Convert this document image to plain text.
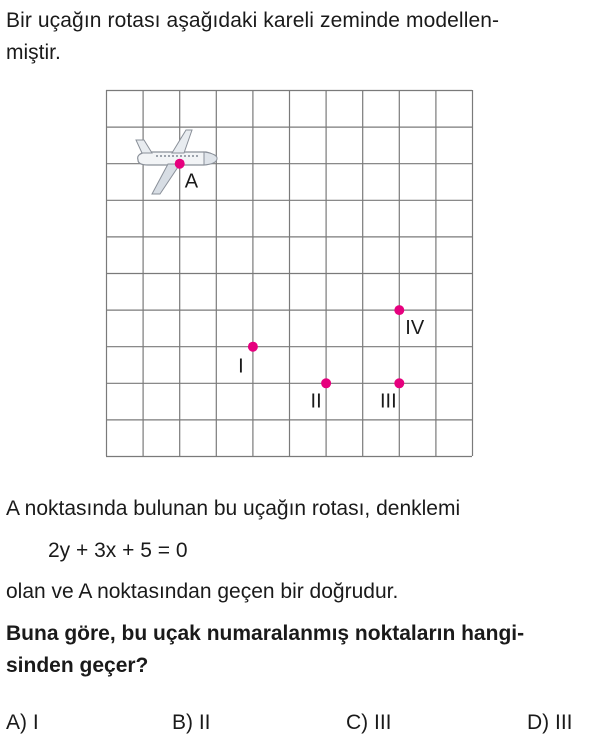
Bir uçağın rotası aşağıdaki kareli zeminde modellen-
miştir.
A
I
II	III
IV
A noktasında bulunan bu uçağın rotası, denklemi
2y + 3x + 5 = 0
olan ve A noktasından geçen bir doğrudur.
Buna göre, bu uçak numaralanmış noktaların hangi-
sinden geçer?
A) I	B) II	C) III	D) III
